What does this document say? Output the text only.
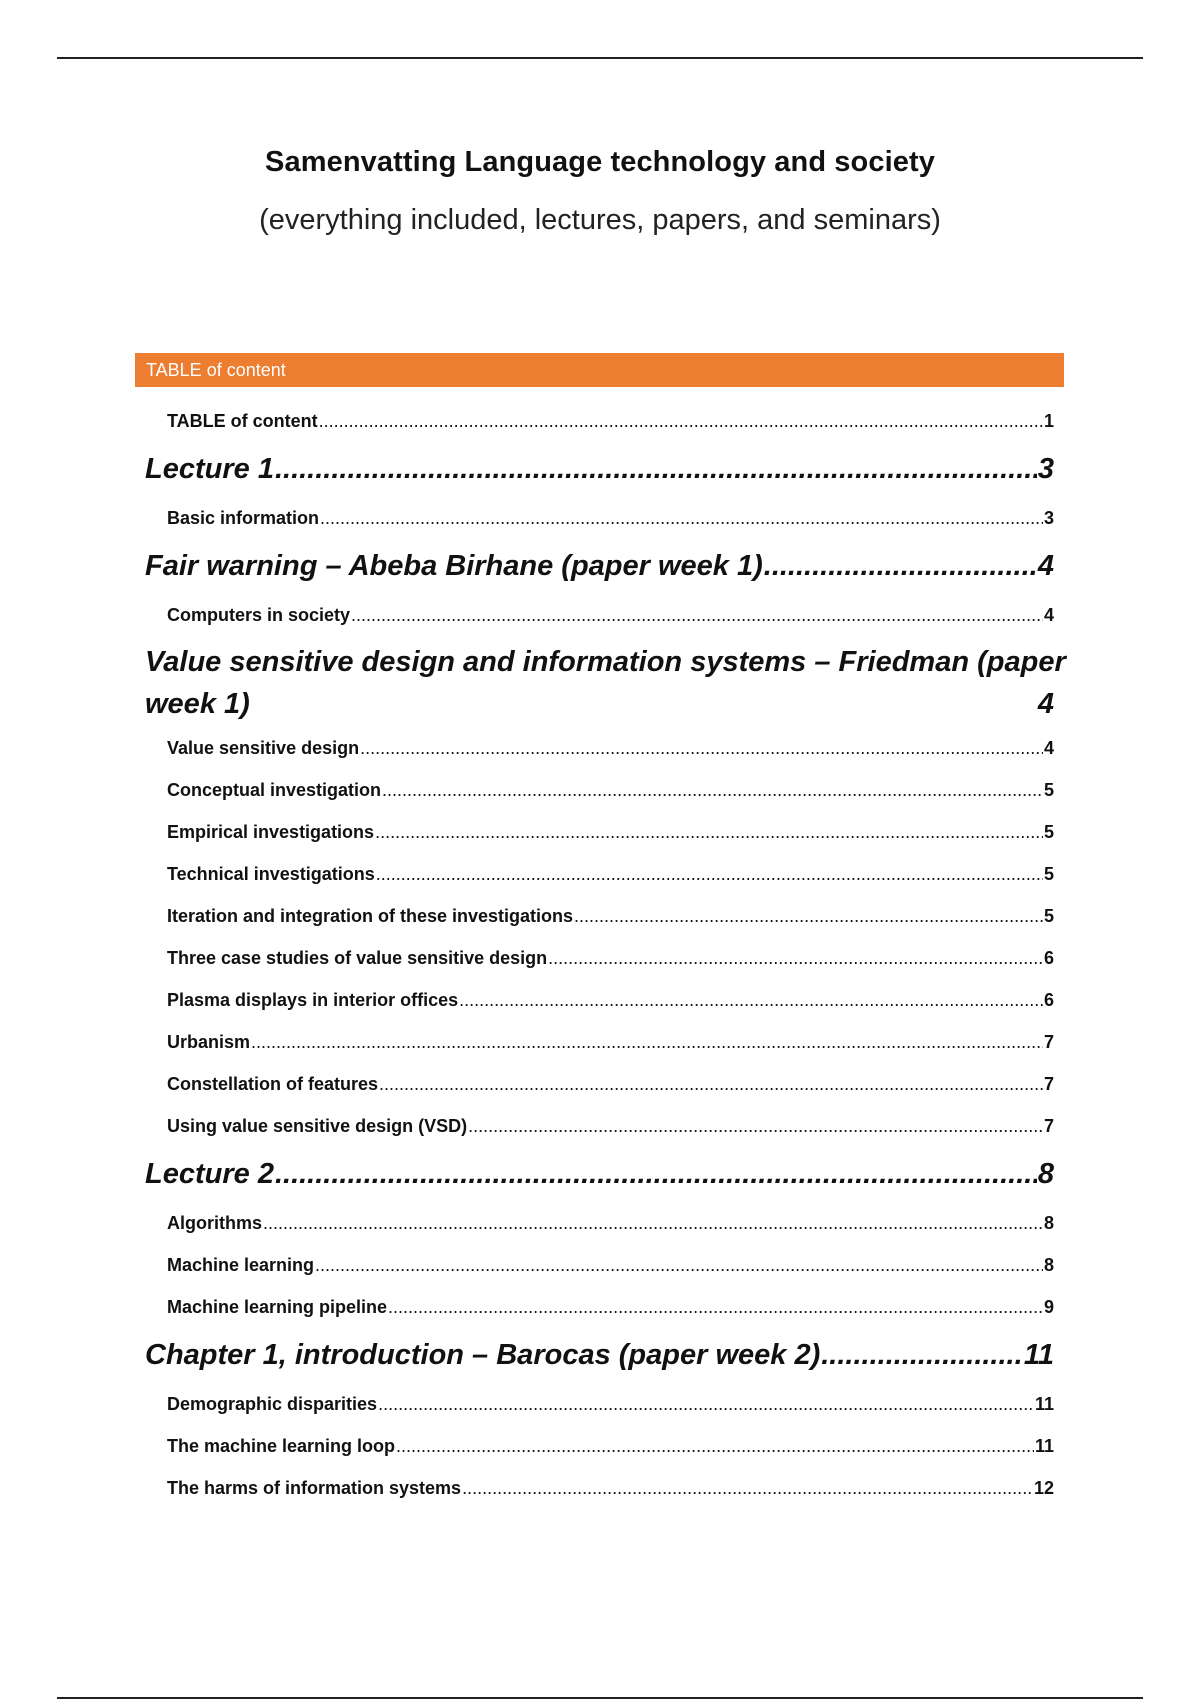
Samenvatting Language technology and society
(everything included, lectures, papers, and seminars)
TABLE of content
TABLE of content .....	1
Lecture 1 .....	3
Basic information .....	3
Fair warning – Abeba Birhane (paper week 1) .....	4
Computers in society .....	4
Value sensitive design and information systems – Friedman (paper
week 1)	4
Value sensitive design .....	4
Conceptual investigation .....	5
Empirical investigations .....	5
Technical investigations .....	5
Iteration and integration of these investigations .....	5
Three case studies of value sensitive design .....	6
Plasma displays in interior offices .....	6
Urbanism .....	7
Constellation of features .....	7
Using value sensitive design (VSD) .....	7
Lecture 2 .....	8
Algorithms .....	8
Machine learning .....	8
Machine learning pipeline .....	9
Chapter 1, introduction – Barocas (paper week 2) .....	11
Demographic disparities .....	11
The machine learning loop .....	11
The harms of information systems .....	12
